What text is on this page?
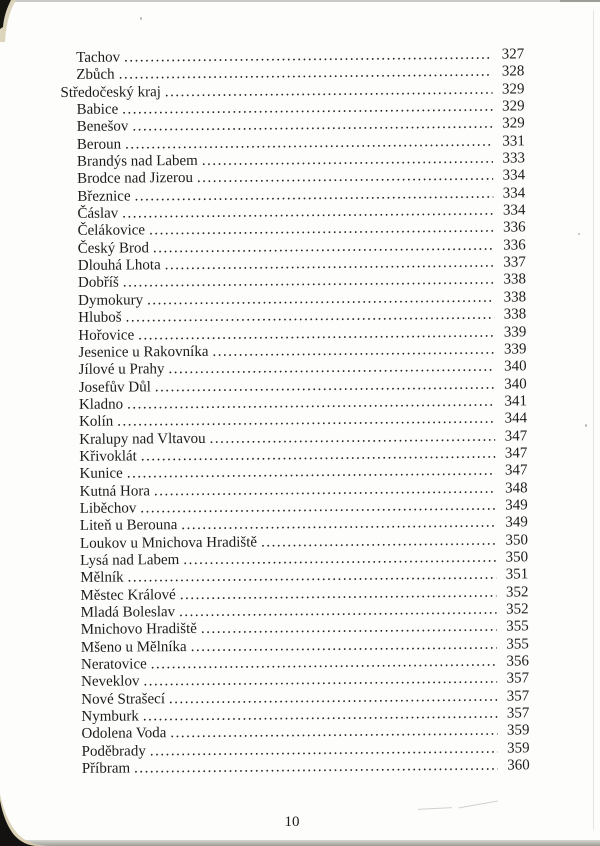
Tachov .....	327
Zbůch .....	328
Středočeský kraj .....	329
Babice .....	329
Benešov .....	329
Beroun .....	331
Brandýs nad Labem .....	333
Brodce nad Jizerou .....	334
Březnice .....	334
Čáslav .....	334
Čelákovice .....	336
Český Brod .....	336
Dlouhá Lhota .....	337
Dobříš .....	338
Dymokury .....	338
Hluboš .....	338
Hořovice .....	339
Jesenice u Rakovníka .....	339
Jílové u Prahy .....	340
Josefův Důl .....	340
Kladno .....	341
Kolín .....	344
Kralupy nad Vltavou .....	347
Křivoklát .....	347
Kunice .....	347
Kutná Hora .....	348
Liběchov .....	349
Liteň u Berouna .....	349
Loukov u Mnichova Hradiště .....	350
Lysá nad Labem .....	350
Mělník .....	351
Městec Králové .....	352
Mladá Boleslav .....	352
Mnichovo Hradiště .....	355
Mšeno u Mělníka .....	355
Neratovice .....	356
Neveklov .....	357
Nové Strašecí .....	357
Nymburk .....	357
Odolena Voda .....	359
Poděbrady .....	359
Příbram .....	360
10
